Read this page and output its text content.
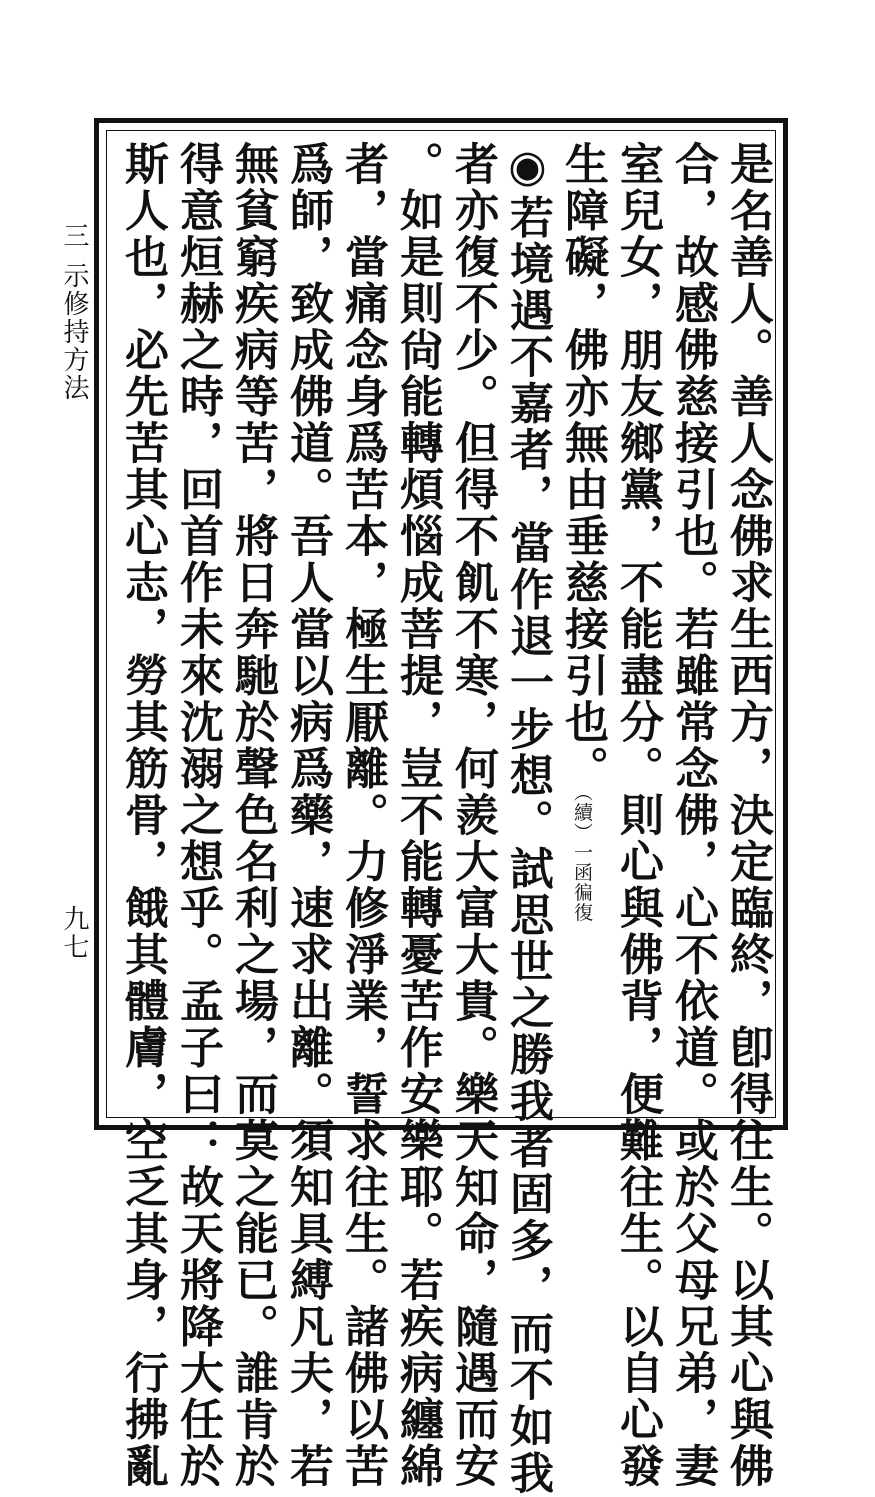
三
示修持方法
九七	是名善人。善人念佛求生西方，決定臨終，卽得往生。以其心與佛
合，故感佛慈接引也。若雖常念佛，心不依道。或於父母兄弟，妻
室兒女，朋友鄉黨，不能盡分。則心與佛背，便難往生。以自心發
生障礙，佛亦無由垂慈接引也。（續）一函徧復
◉若境遇不嘉者，當作退一步想。試思世之勝我者固多，而不如我
者亦復不少。但得不飢不寒，何羨大富大貴。樂天知命，隨遇而安
。如是則尙能轉煩惱成菩提，豈不能轉憂苦作安樂耶。若疾病纏綿
者，當痛念身爲苦本，極生厭離。力修淨業，誓求往生。諸佛以苦
爲師，致成佛道。吾人當以病爲藥，速求出離。須知具縛凡夫，若
無貧窮疾病等苦，將日奔馳於聲色名利之場，而莫之能已。誰肯於
得意烜赫之時，回首作未來沈溺之想乎。孟子曰：故天將降大任於
斯人也，必先苦其心志，勞其筋骨，餓其體膚，空乏其身，行拂亂
